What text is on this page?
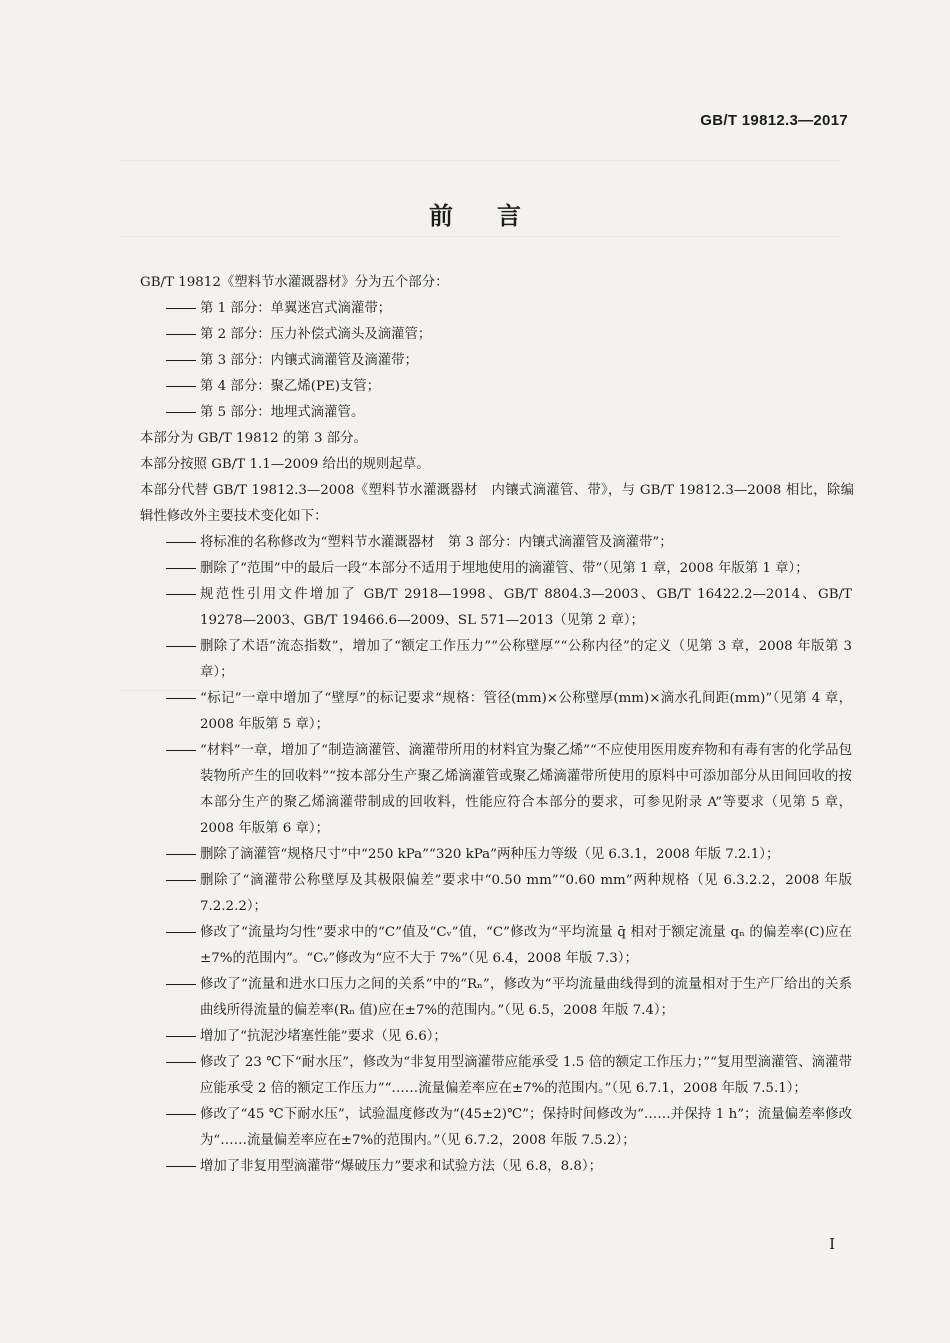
GB/T 19812.3—2017
前言

GB/T 19812《塑料节水灌溉器材》分为五个部分：

第 1 部分：单翼迷宫式滴灌带；

第 2 部分：压力补偿式滴头及滴灌管；

第 3 部分：内镶式滴灌管及滴灌带；

第 4 部分：聚乙烯(PE)支管；

第 5 部分：地埋式滴灌管。

本部分为 GB/T 19812 的第 3 部分。

本部分按照 GB/T 1.1—2009 给出的规则起草。

本部分代替 GB/T 19812.3—2008《塑料节水灌溉器材　内镶式滴灌管、带》，与 GB/T 19812.3—2008 相比，除编辑性修改外主要技术变化如下：

将标准的名称修改为“塑料节水灌溉器材　第 3 部分：内镶式滴灌管及滴灌带”；

删除了“范围”中的最后一段“本部分不适用于埋地使用的滴灌管、带”（见第 1 章，2008 年版第 1 章）；

规范性引用文件增加了 GB/T 2918—1998、GB/T 8804.3—2003、GB/T 16422.2—2014、GB/T 19278—2003、GB/T 19466.6—2009、SL 571—2013（见第 2 章）；

删除了术语“流态指数”，增加了“额定工作压力”“公称壁厚”“公称内径”的定义（见第 3 章，2008 年版第 3 章）；

“标记”一章中增加了“壁厚”的标记要求“规格：管径(mm)×公称壁厚(mm)×滴水孔间距(mm)”（见第 4 章，2008 年版第 5 章）；

“材料”一章，增加了“制造滴灌管、滴灌带所用的材料宜为聚乙烯”“不应使用医用废弃物和有毒有害的化学品包装物所产生的回收料”“按本部分生产聚乙烯滴灌管或聚乙烯滴灌带所使用的原料中可添加部分从田间回收的按本部分生产的聚乙烯滴灌带制成的回收料，性能应符合本部分的要求，可参见附录 A”等要求（见第 5 章，2008 年版第 6 章）；

删除了滴灌管“规格尺寸”中“250 kPa”“320 kPa”两种压力等级（见 6.3.1，2008 年版 7.2.1）；

删除了“滴灌带公称壁厚及其极限偏差”要求中“0.50 mm”“0.60 mm”两种规格（见 6.3.2.2，2008 年版 7.2.2.2）；

修改了“流量均匀性”要求中的“C”值及“Cᵥ”值，“C”修改为“平均流量 q̄ 相对于额定流量 qₙ 的偏差率(C)应在±7%的范围内”。“Cᵥ”修改为“应不大于 7%”（见 6.4，2008 年版 7.3）；

修改了“流量和进水口压力之间的关系”中的“Rₙ”，修改为“平均流量曲线得到的流量相对于生产厂给出的关系曲线所得流量的偏差率(Rₙ 值)应在±7%的范围内。”（见 6.5，2008 年版 7.4）；

增加了“抗泥沙堵塞性能”要求（见 6.6）；

修改了 23 ℃下“耐水压”，修改为“非复用型滴灌带应能承受 1.5 倍的额定工作压力；”“复用型滴灌管、滴灌带应能承受 2 倍的额定工作压力”“……流量偏差率应在±7%的范围内。”（见 6.7.1，2008 年版 7.5.1）；

修改了“45 ℃下耐水压”，试验温度修改为“(45±2)℃”；保持时间修改为“……并保持 1 h”；流量偏差率修改为“……流量偏差率应在±7%的范围内。”（见 6.7.2，2008 年版 7.5.2）；

增加了非复用型滴灌带“爆破压力”要求和试验方法（见 6.8，8.8）；

I
